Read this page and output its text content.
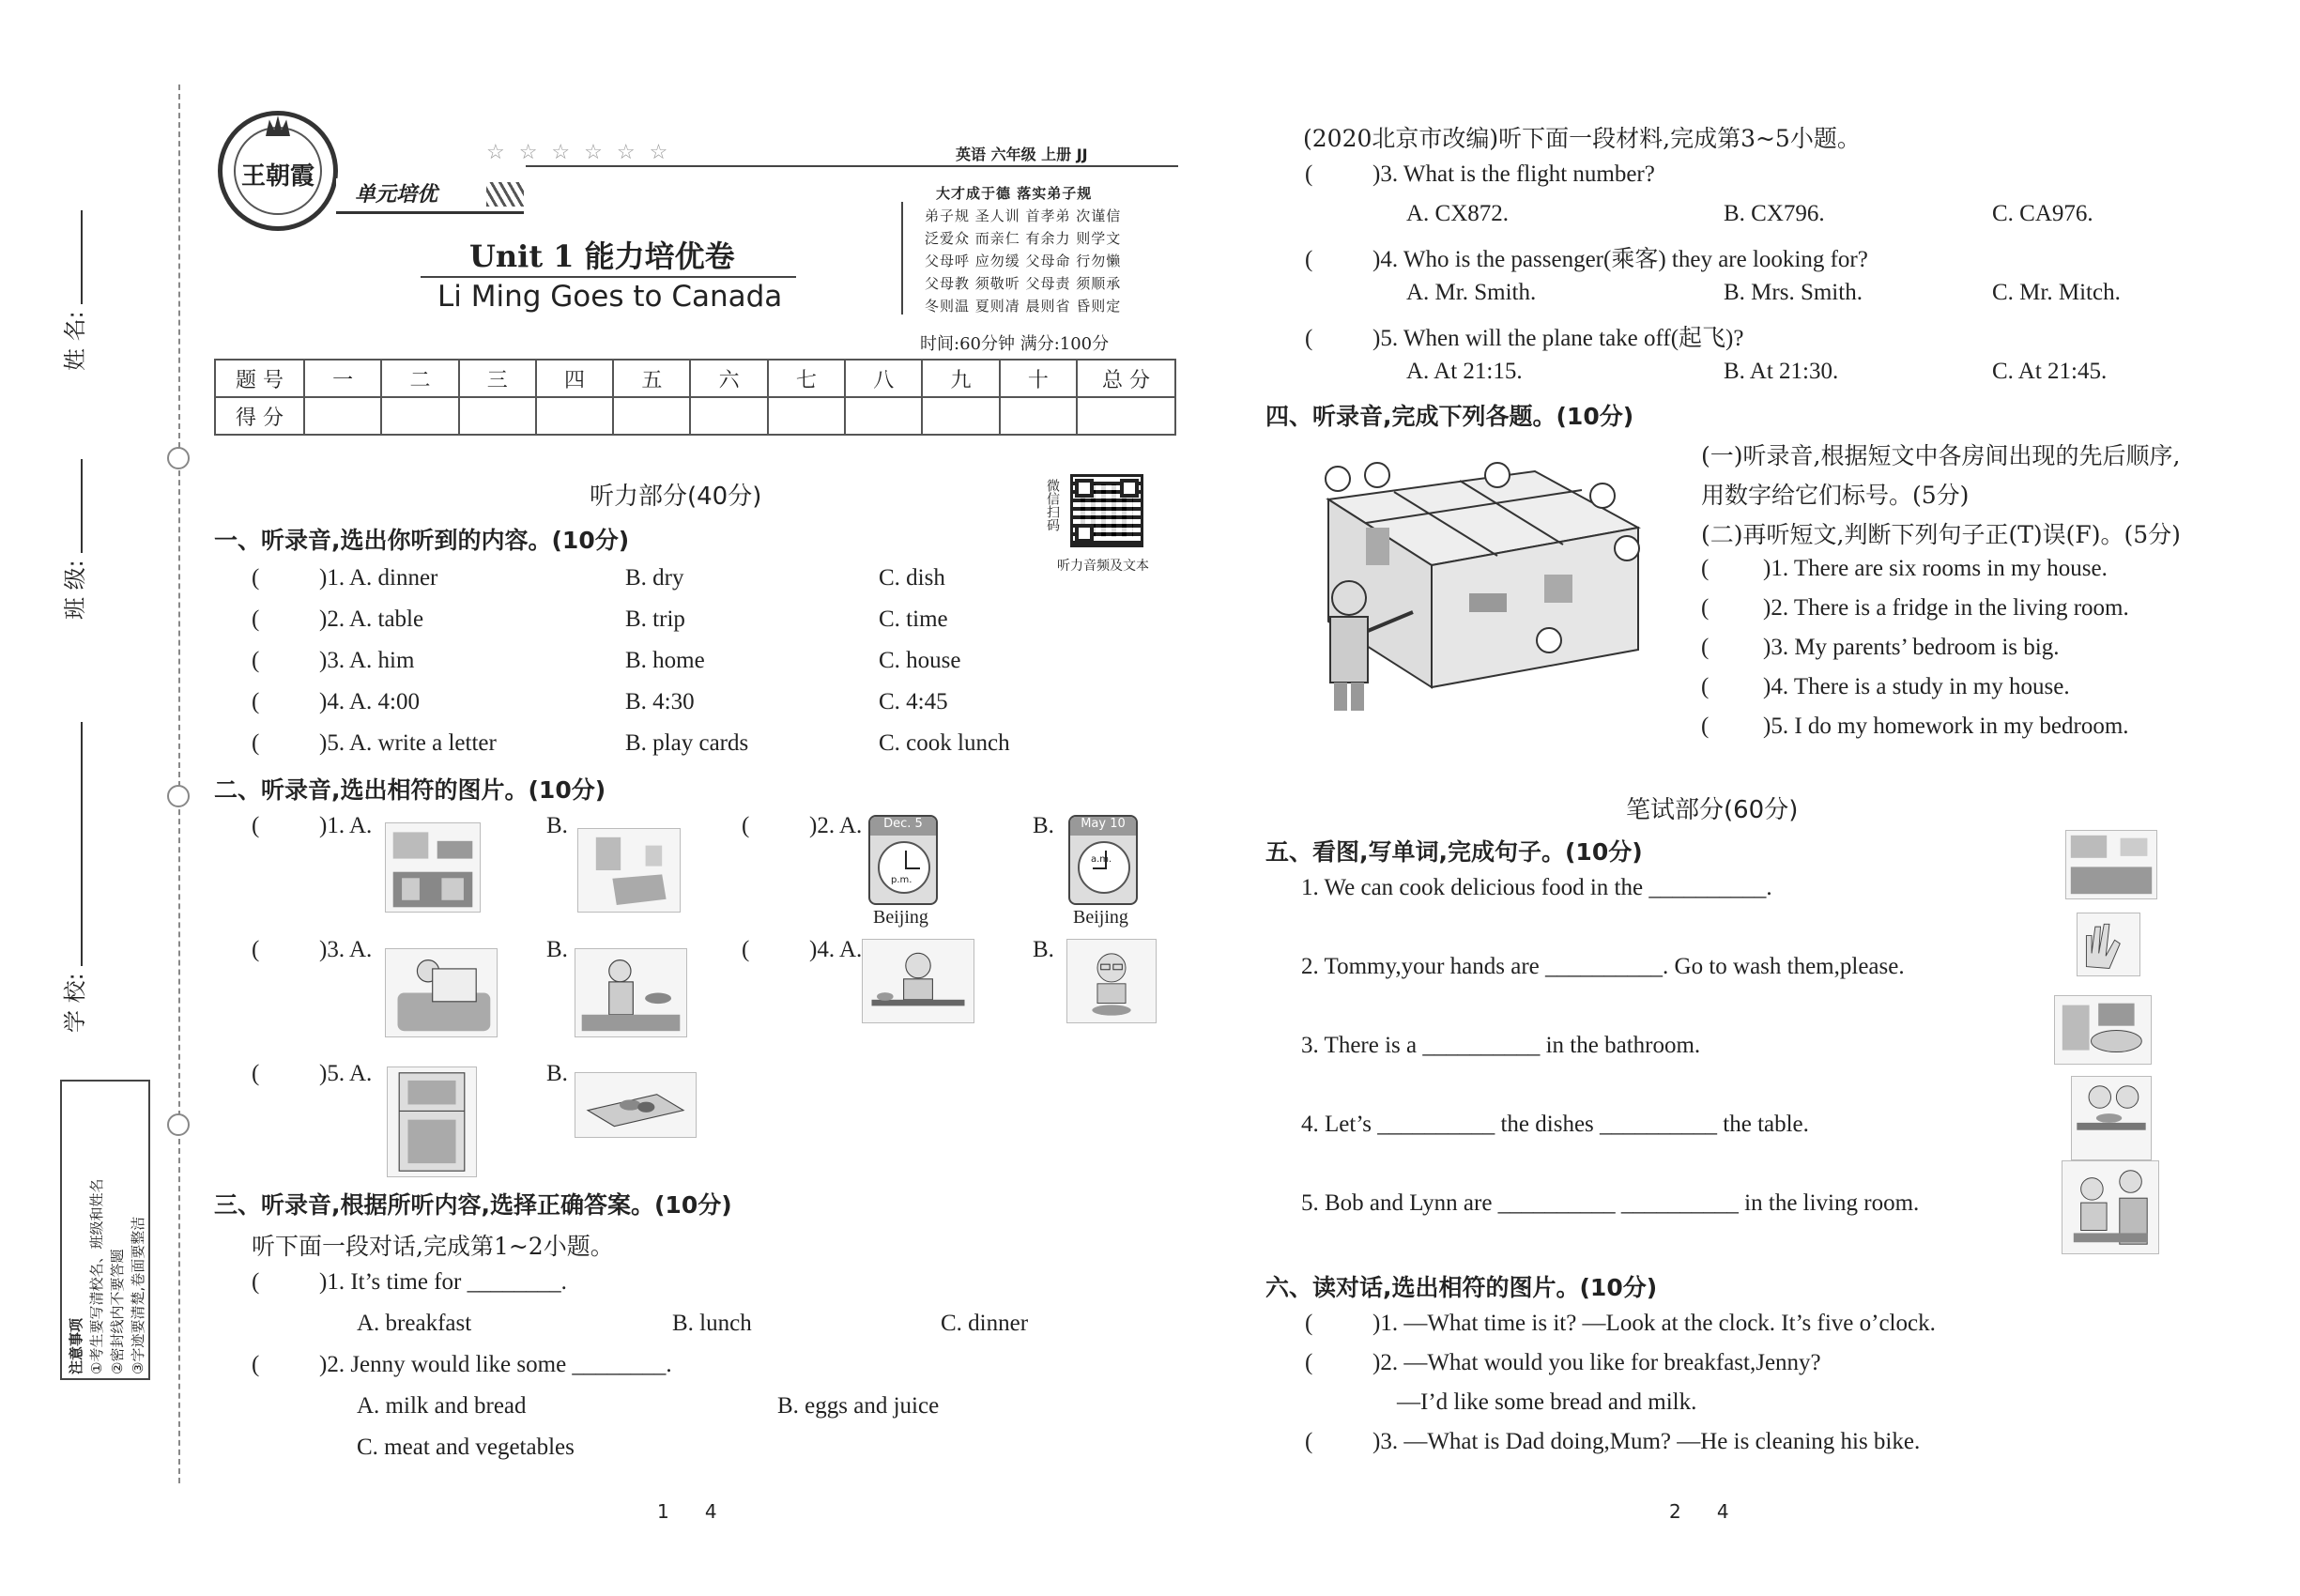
姓 名:
班 级:
学 校:
注意事项 ①考生要写清校名、班级和姓名 ②密封线内不要答题 ③字迹要清楚,卷面要整洁
王朝霞
单元培优
☆ ☆ ☆ ☆ ☆ ☆	英语 六年级 上册 JJ
Unit 1 能力培优卷
Li Ming Goes to Canada
大才成于德 落实弟子规
弟子规 圣人训 首孝弟 次谨信
泛爱众 而亲仁 有余力 则学文
父母呼 应勿缓 父母命 行勿懒
父母教 须敬听 父母责 须顺承
冬则温 夏则凊 晨则省 昏则定
时间:60分钟 满分:100分
题 号	一	二	三	四	五	六	七	八	九	十	总 分
得 分											
听力部分(40分)	微信扫码
听力音频及文本
一、听录音,选出你听到的内容。(10分)
(	)1. A. dinner	B. dry	C. dish
(	)2. A. table	B. trip	C. time
(	)3. A. him	B. home	C. house
(	)4. A. 4:00	B. 4:30	C. 4:45
(	)5. A. write a letter	B. play cards	C. cook lunch
二、听录音,选出相符的图片。(10分)
(	)1. A.	B.	(	)2. A.	Dec. 5
p.m.
Beijing
B.	May 10
a.m.
Beijing
(	)3. A.	B.	(	)4. A.	B.
(	)5. A.	B.
三、听录音,根据所听内容,选择正确答案。(10分)
听下面一段对话,完成第1~2小题。
(	)1. It’s time for ________.
A. breakfast	B. lunch	C. dinner
(	)2. Jenny would like some ________.
A. milk and bread	B. eggs and juice
C. meat and vegetables
(2020北京市改编)听下面一段材料,完成第3~5小题。
(	)3. What is the flight number?
A. CX872.	B. CX796.	C. CA976.
(	)4. Who is the passenger(乘客) they are looking for?
A. Mr. Smith.	B. Mrs. Smith.	C. Mr. Mitch.
(	)5. When will the plane take off(起飞)?
A. At 21:15.	B. At 21:30.	C. At 21:45.
四、听录音,完成下列各题。(10分)
(一)听录音,根据短文中各房间出现的先后顺序,
用数字给它们标号。(5分)
(二)再听短文,判断下列句子正(T)误(F)。(5分)
( )1. There are six rooms in my house.
( )2. There is a fridge in the living room.
( )3. My parents’ bedroom is big.
( )4. There is a study in my house.
( )5. I do my homework in my bedroom.
笔试部分(60分)
五、看图,写单词,完成句子。(10分)
1. We can cook delicious food in the __________.
2. Tommy,your hands are __________. Go to wash them,please.
3. There is a __________ in the bathroom.
4. Let’s __________ the dishes __________ the table.
5. Bob and Lynn are __________ __________ in the living room.
六、读对话,选出相符的图片。(10分)
(	)1. —What time is it? —Look at the clock. It’s five o’clock.
(	)2. —What would you like for breakfast,Jenny?
—I’d like some bread and milk.
(	)3. —What is Dad doing,Mum? —He is cleaning his bike.
1      4	2      4
